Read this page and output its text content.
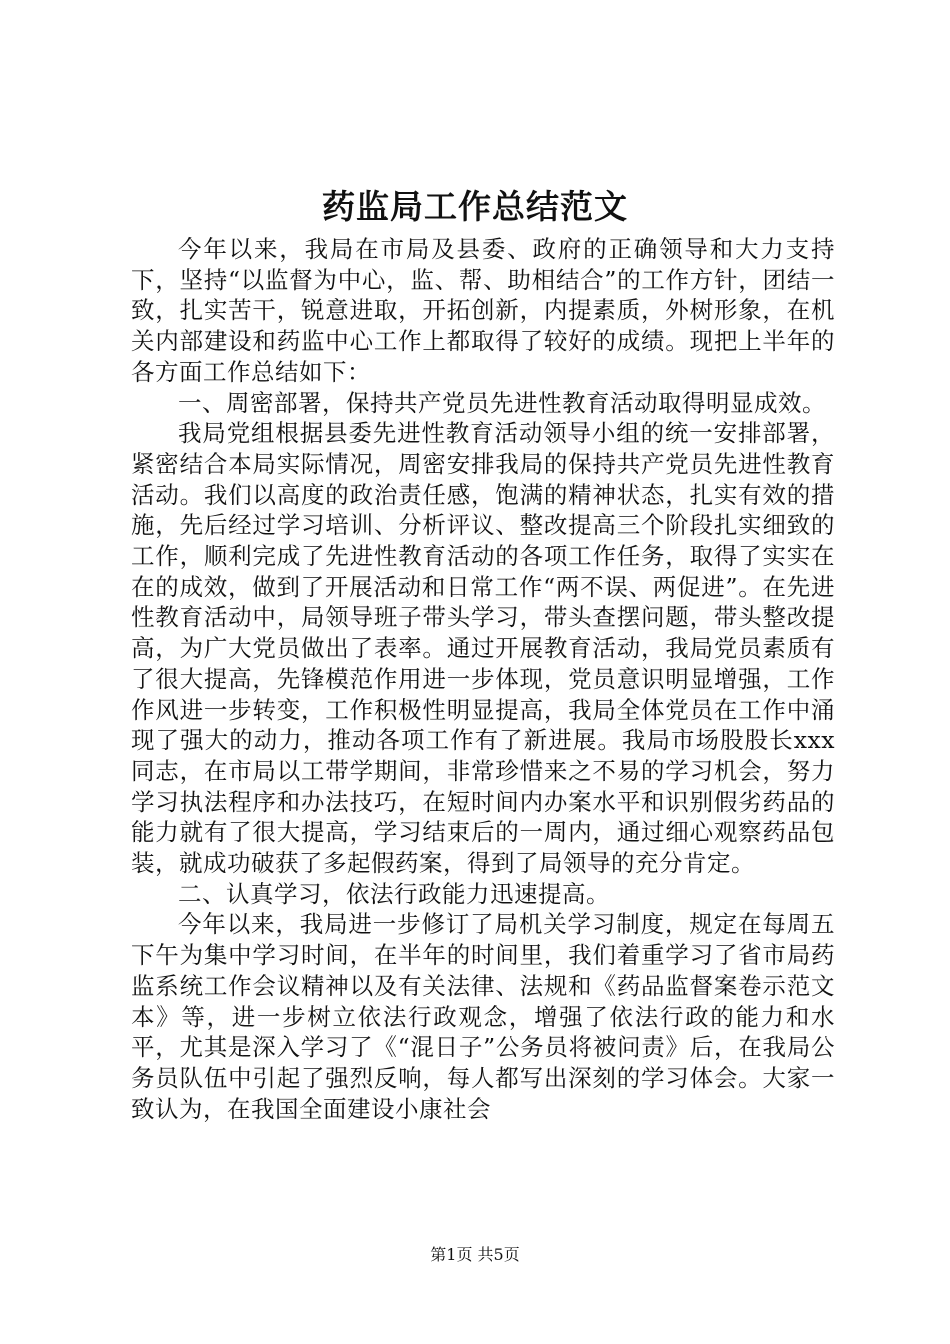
药监局工作总结范文

今年以来，我局在市局及县委、政府的正确领导和大力支持下，坚持“以监督为中心，监、帮、助相结合”的工作方针，团结一致，扎实苦干，锐意进取，开拓创新，内提素质，外树形象，在机关内部建设和药监中心工作上都取得了较好的成绩。现把上半年的各方面工作总结如下：

一、周密部署，保持共产党员先进性教育活动取得明显成效。

我局党组根据县委先进性教育活动领导小组的统一安排部署，紧密结合本局实际情况，周密安排我局的保持共产党员先进性教育活动。我们以高度的政治责任感，饱满的精神状态，扎实有效的措施，先后经过学习培训、分析评议、整改提高三个阶段扎实细致的工作，顺利完成了先进性教育活动的各项工作任务，取得了实实在在的成效，做到了开展活动和日常工作“两不误、两促进”。在先进性教育活动中，局领导班子带头学习，带头查摆问题，带头整改提高，为广大党员做出了表率。通过开展教育活动，我局党员素质有了很大提高，先锋模范作用进一步体现，党员意识明显增强，工作作风进一步转变，工作积极性明显提高，我局全体党员在工作中涌现了强大的动力，推动各项工作有了新进展。我局市场股股长xxx同志，在市局以工带学期间，非常珍惜来之不易的学习机会，努力学习执法程序和办法技巧，在短时间内办案水平和识别假劣药品的能力就有了很大提高，学习结束后的一周内，通过细心观察药品包装，就成功破获了多起假药案，得到了局领导的充分肯定。

二、认真学习，依法行政能力迅速提高。

今年以来，我局进一步修订了局机关学习制度，规定在每周五下午为集中学习时间，在半年的时间里，我们着重学习了省市局药监系统工作会议精神以及有关法律、法规和《药品监督案卷示范文本》等，进一步树立依法行政观念，增强了依法行政的能力和水平，尤其是深入学习了《“混日子”公务员将被问责》后，在我局公务员队伍中引起了强烈反响，每人都写出深刻的学习体会。大家一致认为，在我国全面建设小康社会

第1页 共5页
